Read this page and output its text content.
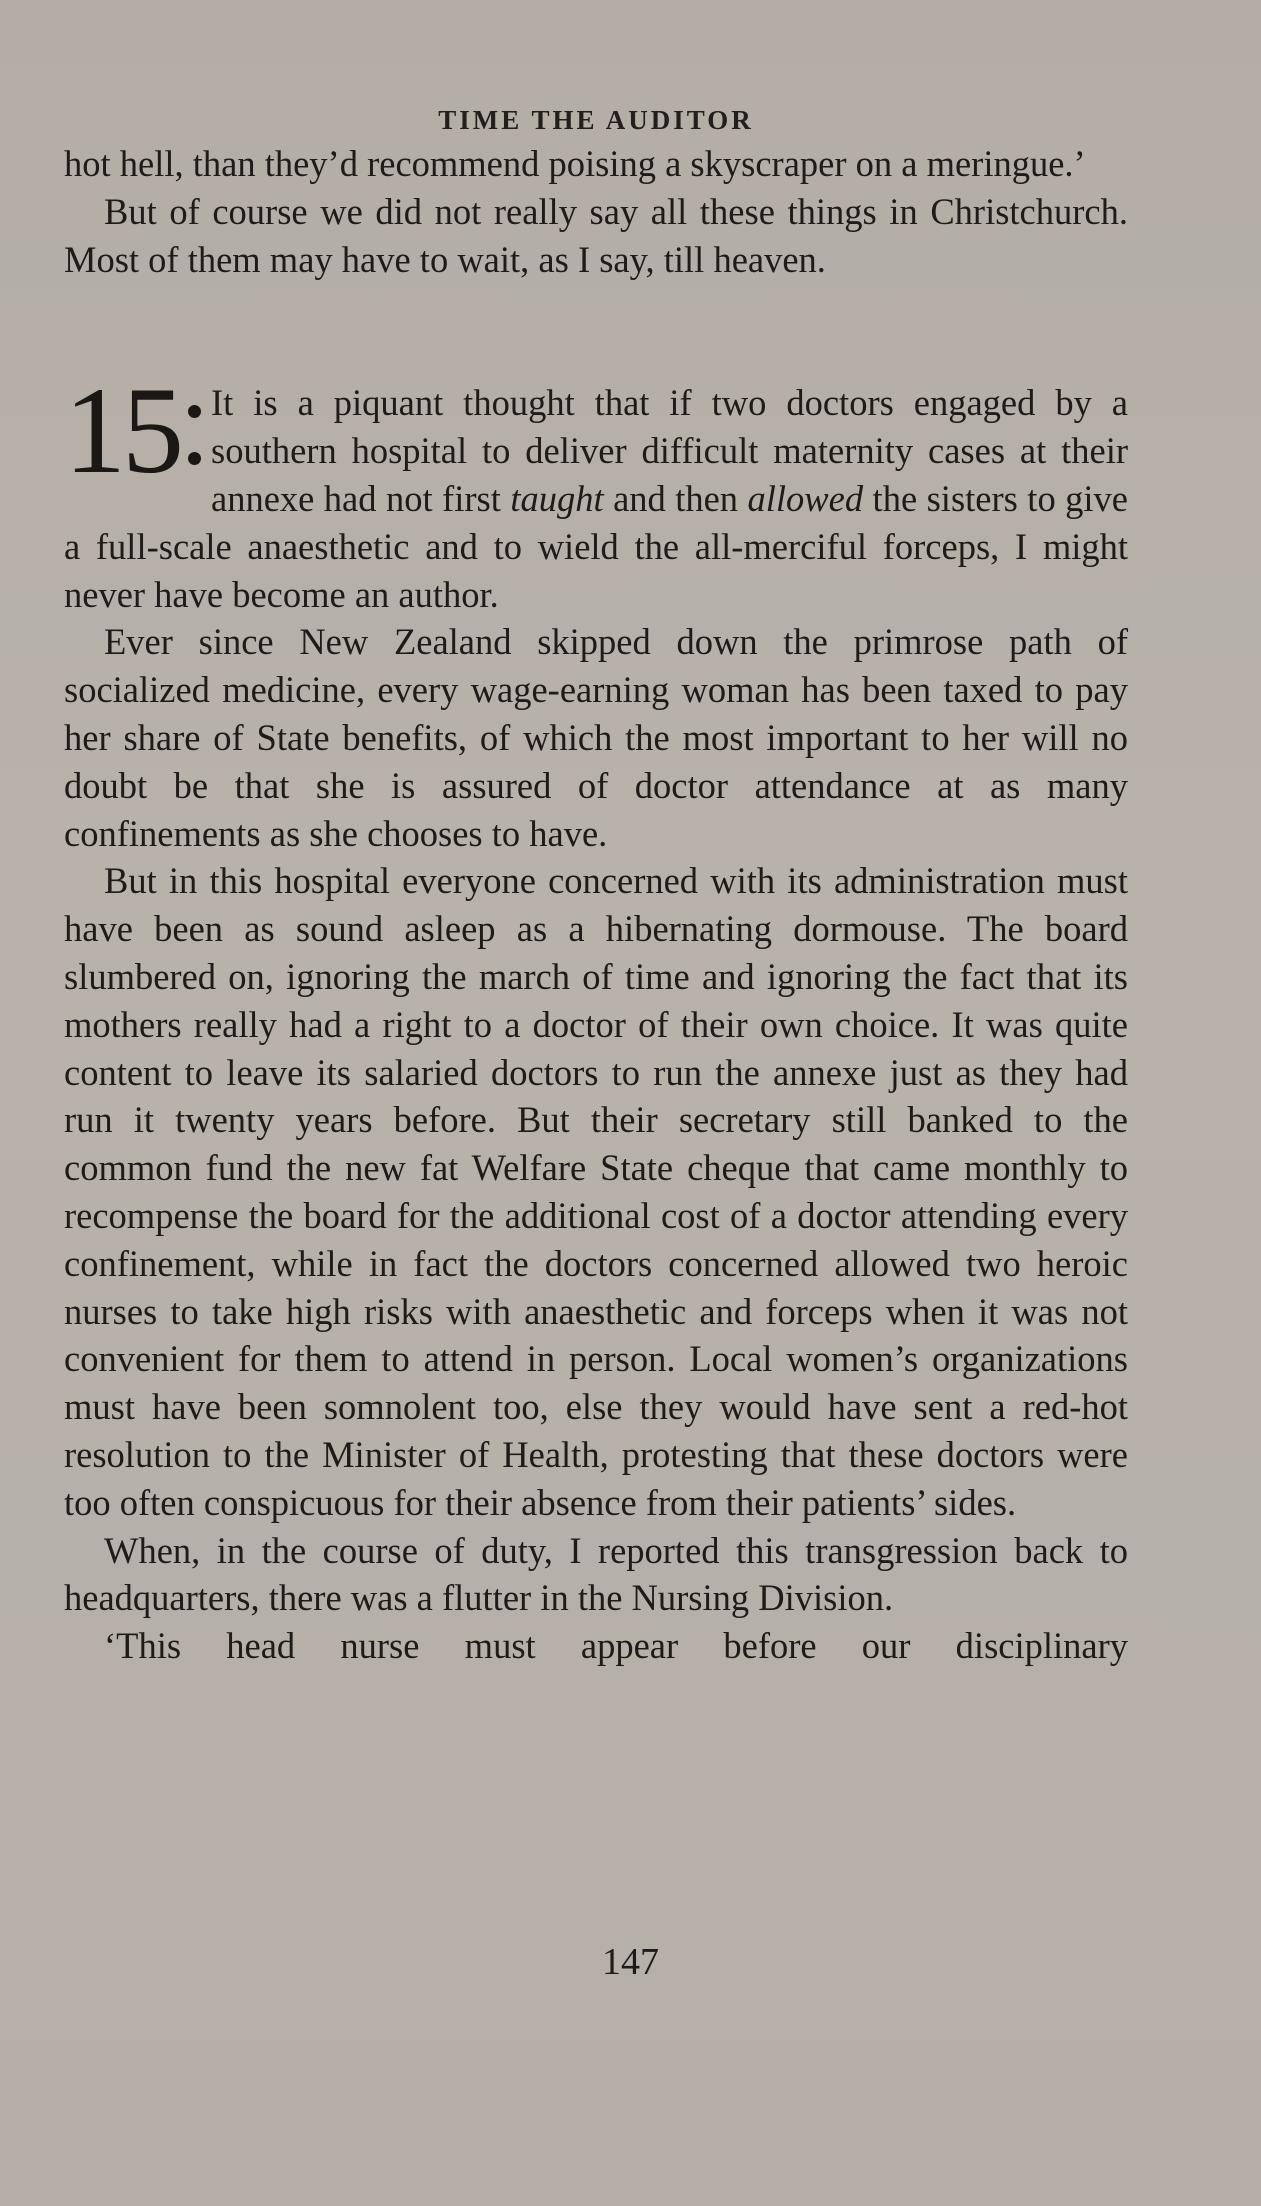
TIME THE AUDITOR

hot hell, than they’d recommend poising a skyscraper on a meringue.’

But of course we did not really say all these things in Christchurch. Most of them may have to wait, as I say, till heaven.

15 It is a piquant thought that if two doctors engaged by a southern hospital to deliver difficult maternity cases at their annexe had not first taught and then allowed the sisters to give a full-scale anaesthetic and to wield the all-merciful forceps, I might never have become an author.

Ever since New Zealand skipped down the primrose path of socialized medicine, every wage-earning woman has been taxed to pay her share of State benefits, of which the most important to her will no doubt be that she is assured of doctor attendance at as many confinements as she chooses to have.

But in this hospital everyone concerned with its administration must have been as sound asleep as a hibernating dormouse. The board slumbered on, ignoring the march of time and ignoring the fact that its mothers really had a right to a doctor of their own choice. It was quite content to leave its salaried doctors to run the annexe just as they had run it twenty years before. But their secretary still banked to the common fund the new fat Welfare State cheque that came monthly to recompense the board for the additional cost of a doctor attending every confinement, while in fact the doctors concerned allowed two heroic nurses to take high risks with anaesthetic and forceps when it was not convenient for them to attend in person. Local women’s organizations must have been somnolent too, else they would have sent a red-hot resolution to the Minister of Health, protesting that these doctors were too often conspicuous for their absence from their patients’ sides.

When, in the course of duty, I reported this transgression back to headquarters, there was a flutter in the Nursing Division.

‘This head nurse must appear before our disciplinary

147
